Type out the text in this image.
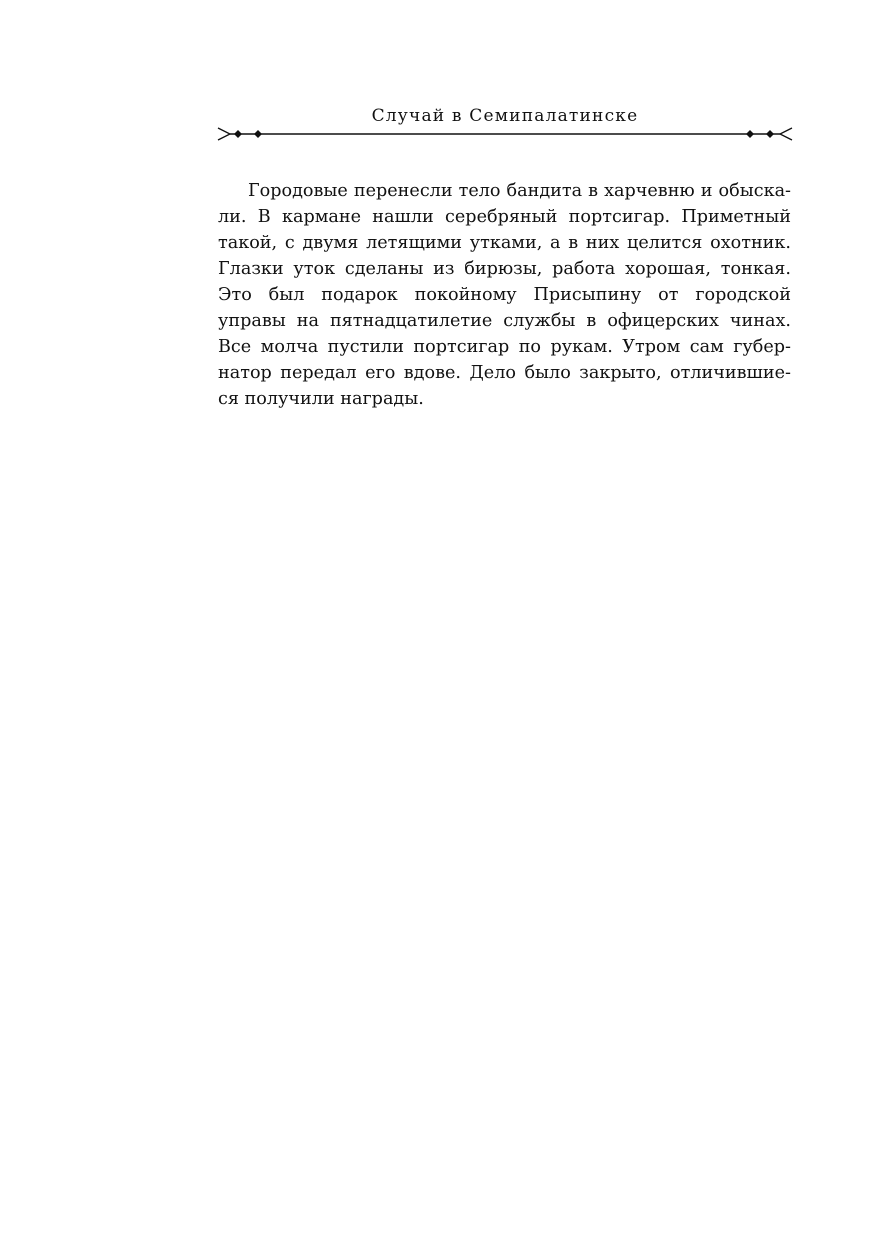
Случай в Семипалатинске
Городовые перенесли тело бандита в харчевню и обыска-
ли. В кармане нашли серебряный портсигар. Приметный
такой, с двумя летящими утками, а в них целится охотник.
Глазки уток сделаны из бирюзы, работа хорошая, тонкая.
Это был подарок покойному Присыпину от городской
управы на пятнадцатилетие службы в офицерских чинах.
Все молча пустили портсигар по рукам. Утром сам губер-
натор передал его вдове. Дело было закрыто, отличившие-
ся получили награды.
